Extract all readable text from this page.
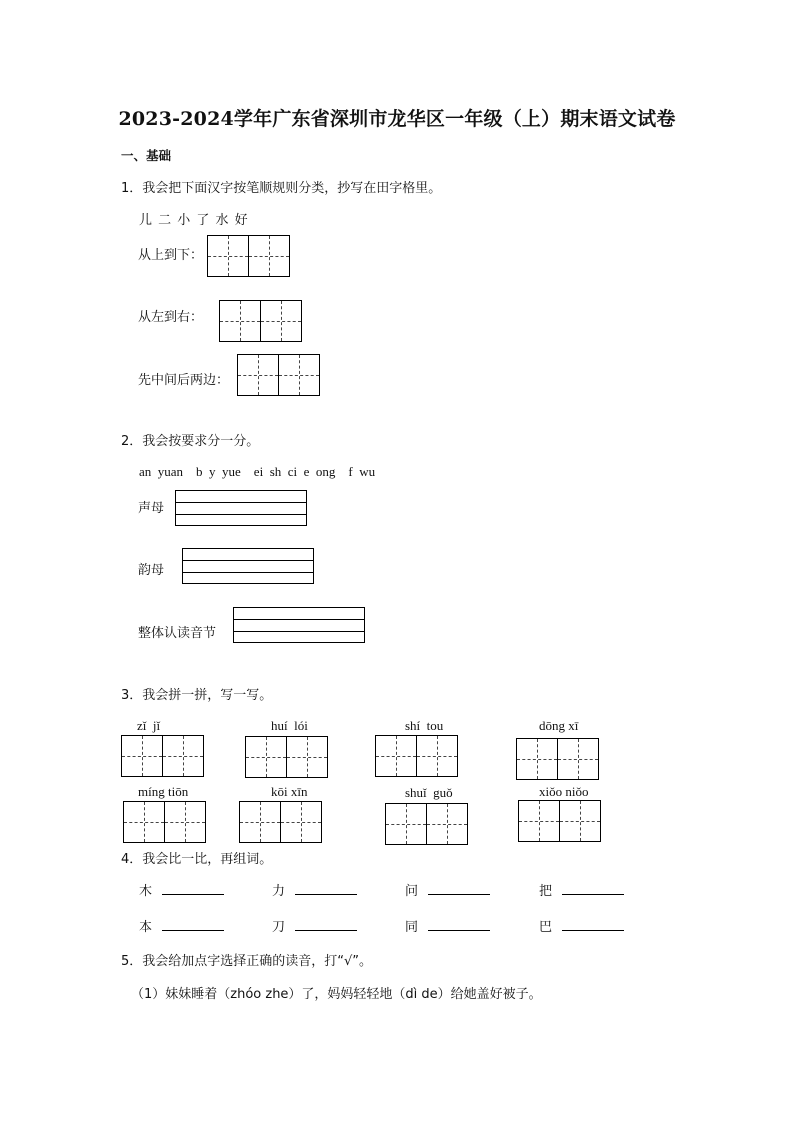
2023-2024学年广东省深圳市龙华区一年级（上）期末语文试卷
一、基础
1．我会把下面汉字按笔顺规则分类，抄写在田字格里。
儿 二 小 了 水 好
从上到下：
从左到右：
先中间后两边：
2．我会按要求分一分。
an  yuan    b  y  yue    ei  sh  ci  e  ong    f  wu
声母
韵母
整体认读音节
3．我会拼一拼，写一写。
zǐ  jǐ	huí  lói	shí  tou	dōng xī
míng tiōn	kōi xīn	shuǐ  guǒ	xiǒo niǒo
4．我会比一比，再组词。
木	力	问	把
本	刀	同	巴
5．我会给加点字选择正确的读音，打“√”。
（1）妹妹睡着（zhóo zhe）了，妈妈轻轻地（dì de）给她盖好被子。
